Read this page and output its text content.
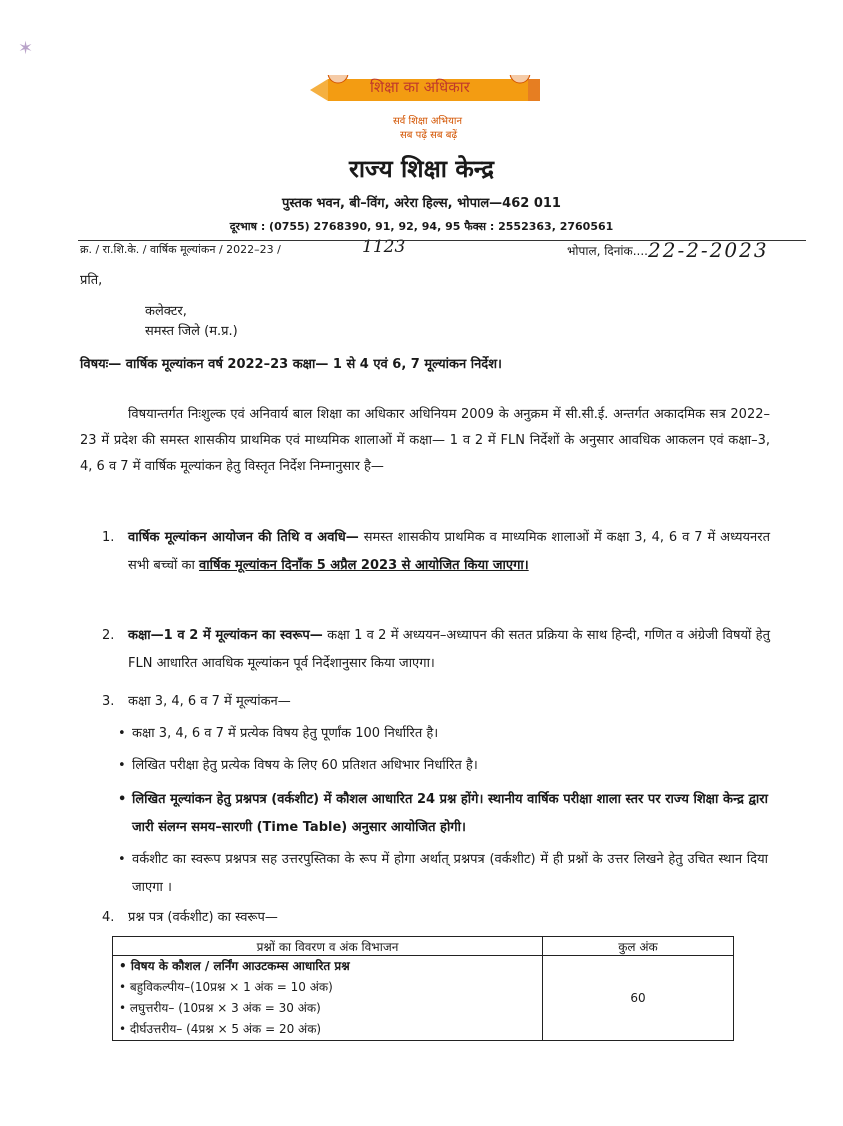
✶
शिक्षा का अधिकार
सर्व शिक्षा अभियान
सब पढ़ें सब बढ़ें
राज्य शिक्षा केन्द्र
पुस्तक भवन, बी–विंग, अरेरा हिल्स, भोपाल—462 011
दूरभाष : (0755) 2768390, 91, 92, 94, 95 फैक्स : 2552363, 2760561
क्र. / रा.शि.के. / वार्षिक मूल्यांकन / 2022–23 /	1123	भोपाल, दिनांक.... 22-2-2023
प्रति,
कलेक्टर,
समस्त जिले (म.प्र.)
विषयः— वार्षिक मूल्यांकन वर्ष 2022–23 कक्षा— 1 से 4 एवं 6, 7 मूल्यांकन निर्देश।
विषयान्तर्गत निःशुल्क एवं अनिवार्य बाल शिक्षा का अधिकार अधिनियम 2009 के अनुक्रम में सी.सी.ई. अन्तर्गत अकादमिक सत्र 2022–23 में प्रदेश की समस्त शासकीय प्राथमिक एवं माध्यमिक शालाओं में कक्षा— 1 व 2 में FLN निर्देशों के अनुसार आवधिक आकलन एवं कक्षा–3, 4, 6 व 7 में वार्षिक मूल्यांकन हेतु विस्तृत निर्देश निम्नानुसार है—
1. वार्षिक मूल्यांकन आयोजन की तिथि व अवधि— समस्त शासकीय प्राथमिक व माध्यमिक शालाओं में कक्षा 3, 4, 6 व 7 में अध्ययनरत सभी बच्चों का वार्षिक मूल्यांकन दिनाँक 5 अप्रैल 2023 से आयोजित किया जाएगा।
2. कक्षा—1 व 2 में मूल्यांकन का स्वरूप— कक्षा 1 व 2 में अध्ययन–अध्यापन की सतत प्रक्रिया के साथ हिन्दी, गणित व अंग्रेजी विषयों हेतु FLN आधारित आवधिक मूल्यांकन पूर्व निर्देशानुसार किया जाएगा।
3. कक्षा 3, 4, 6 व 7 में मूल्यांकन—
• कक्षा 3, 4, 6 व 7 में प्रत्येक विषय हेतु पूर्णांक 100 निर्धारित है।
• लिखित परीक्षा हेतु प्रत्येक विषय के लिए 60 प्रतिशत अधिभार निर्धारित है।
• लिखित मूल्यांकन हेतु प्रश्नपत्र (वर्कशीट) में कौशल आधारित 24 प्रश्न होंगे। स्थानीय वार्षिक परीक्षा शाला स्तर पर राज्य शिक्षा केन्द्र द्वारा जारी संलग्न समय–सारणी (Time Table) अनुसार आयोजित होगी।
• वर्कशीट का स्वरूप प्रश्नपत्र सह उत्तरपुस्तिका के रूप में होगा अर्थात् प्रश्नपत्र (वर्कशीट) में ही प्रश्नों के उत्तर लिखने हेतु उचित स्थान दिया जाएगा ।
4. प्रश्न पत्र (वर्कशीट) का स्वरूप—
प्रश्नों का विवरण व अंक विभाजन	कुल अंक

• विषय के कौशल / लर्निंग आउटकम्स आधारित प्रश्न
• बहुविकल्पीय–(10प्रश्न × 1 अंक = 10 अंक)
• लघुत्तरीय– (10प्रश्न × 3 अंक = 30 अंक)
• दीर्घउत्तरीय– (4प्रश्न × 5 अंक = 20 अंक)	60
